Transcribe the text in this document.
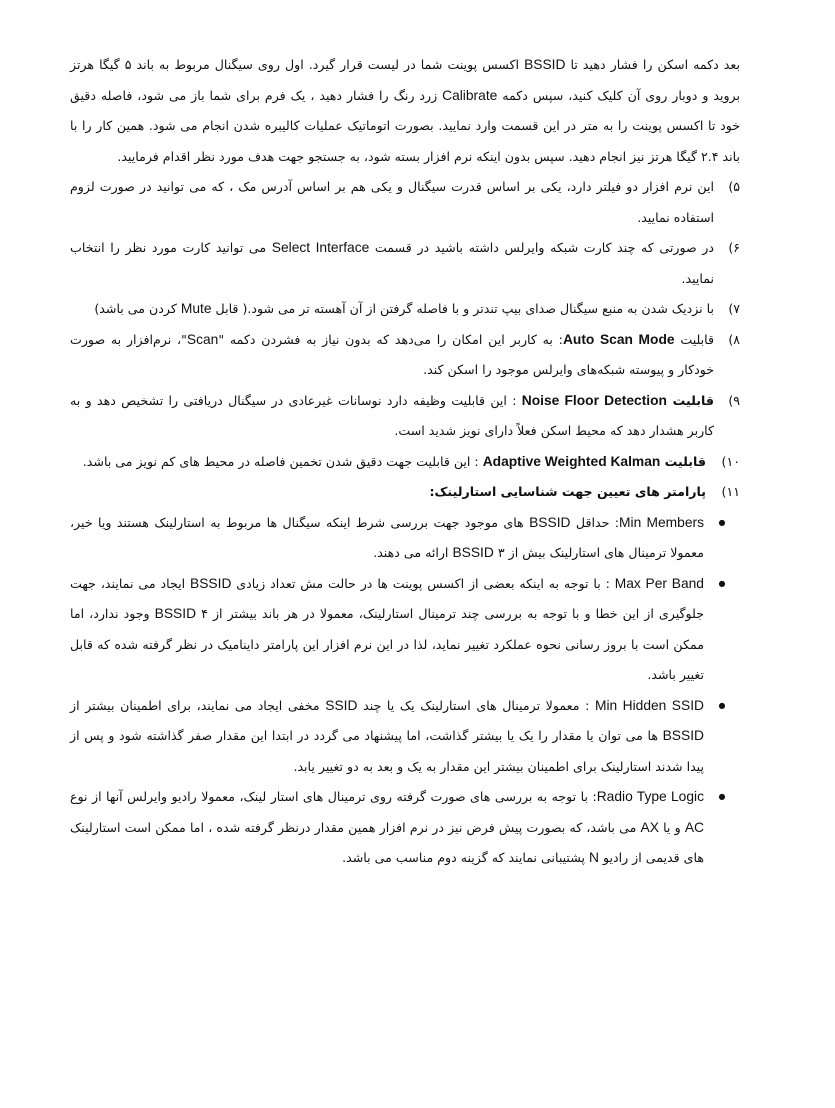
بعد دکمه اسکن را فشار دهید تا BSSID اکسس پوینت شما در لیست قرار گیرد. اول روی سیگنال مربوط به باند ۵ گیگا هرتز بروید و دوبار روی آن کلیک کنید، سپس دکمه Calibrate زرد رنگ را فشار دهید ، یک فرم برای شما باز می شود، فاصله دقیق خود تا اکسس پوینت را به متر در این قسمت وارد نمایید. بصورت اتوماتیک عملیات کالیبره شدن انجام می شود. همین کار را با باند ۲.۴ گیگا هرتز نیز انجام دهید. سپس بدون اینکه نرم افزار بسته شود، به جستجو جهت هدف مورد نظر اقدام فرمایید.

۵)

این نرم افزار دو فیلتر دارد، یکی بر اساس قدرت سیگنال و یکی هم بر اساس آدرس مک ، که می توانید در صورت لزوم استفاده نمایید.

۶)

در صورتی که چند کارت شبکه وایرلس داشته باشید در قسمت Select Interface می توانید کارت مورد نظر را انتخاب نمایید.

۷)

با نزدیک شدن به منبع سیگنال صدای بیپ تندتر و با فاصله گرفتن از آن آهسته تر می شود.( قابل Mute کردن می باشد)

۸)

قابلیت Auto Scan Mode: به کاربر این امکان را می‌دهد که بدون نیاز به فشردن دکمه "Scan"، نرم‌افزار به صورت خودکار و پیوسته شبکه‌های وایرلس موجود را اسکن کند.

۹)

قابلیت Noise Floor Detection : این قابلیت وظیفه دارد نوسانات غیرعادی در سیگنال دریافتی را تشخیص دهد و به کاربر هشدار دهد که محیط اسکن فعلاً دارای نویز شدید است.

۱۰)

قابلیت Adaptive Weighted Kalman : این قابلیت جهت دقیق شدن تخمین فاصله در محیط های کم نویز می باشد.

۱۱)

پارامتر های تعیین جهت شناسایی استارلینک:

●

Min Members: حداقل BSSID های موجود جهت بررسی شرط اینکه سیگنال ها مربوط به استارلینک هستند ویا خیر، معمولا ترمینال های استارلینک بیش از ۳ BSSID ارائه می دهند.

●

Max Per Band : با توجه به اینکه بعضی از اکسس پوینت ها در حالت مش تعداد زیادی BSSID ایجاد می نمایند، جهت جلوگیری از این خطا و با توجه به بررسی چند ترمینال استارلینک، معمولا در هر باند بیشتر از ۴ BSSID وجود ندارد، اما ممکن است با بروز رسانی نحوه عملکرد تغییر نماید، لذا در این نرم افزار این پارامتر داینامیک در نظر گرفته شده که قابل تغییر باشد.

●

Min Hidden SSID : معمولا ترمینال های استارلینک یک یا چند SSID مخفی ایجاد می نمایند، برای اطمینان بیشتر از BSSID ها می توان یا مقدار را یک یا بیشتر گذاشت، اما پیشنهاد می گردد در ابتدا این مقدار صفر گذاشته شود و پس از پیدا شدند استارلینک برای اطمینان بیشتر این مقدار به یک و بعد به دو تغییر یابد.

●

Radio Type Logic: با توجه به بررسی های صورت گرفته روی ترمینال های استار لینک، معمولا رادیو وایرلس آنها از نوع AC و یا AX می باشد، که بصورت پیش فرض نیز در نرم افزار همین مقدار درنظر گرفته شده ، اما ممکن است استارلینک های قدیمی از رادیو N پشتیبانی نمایند که گزینه دوم مناسب می باشد.
